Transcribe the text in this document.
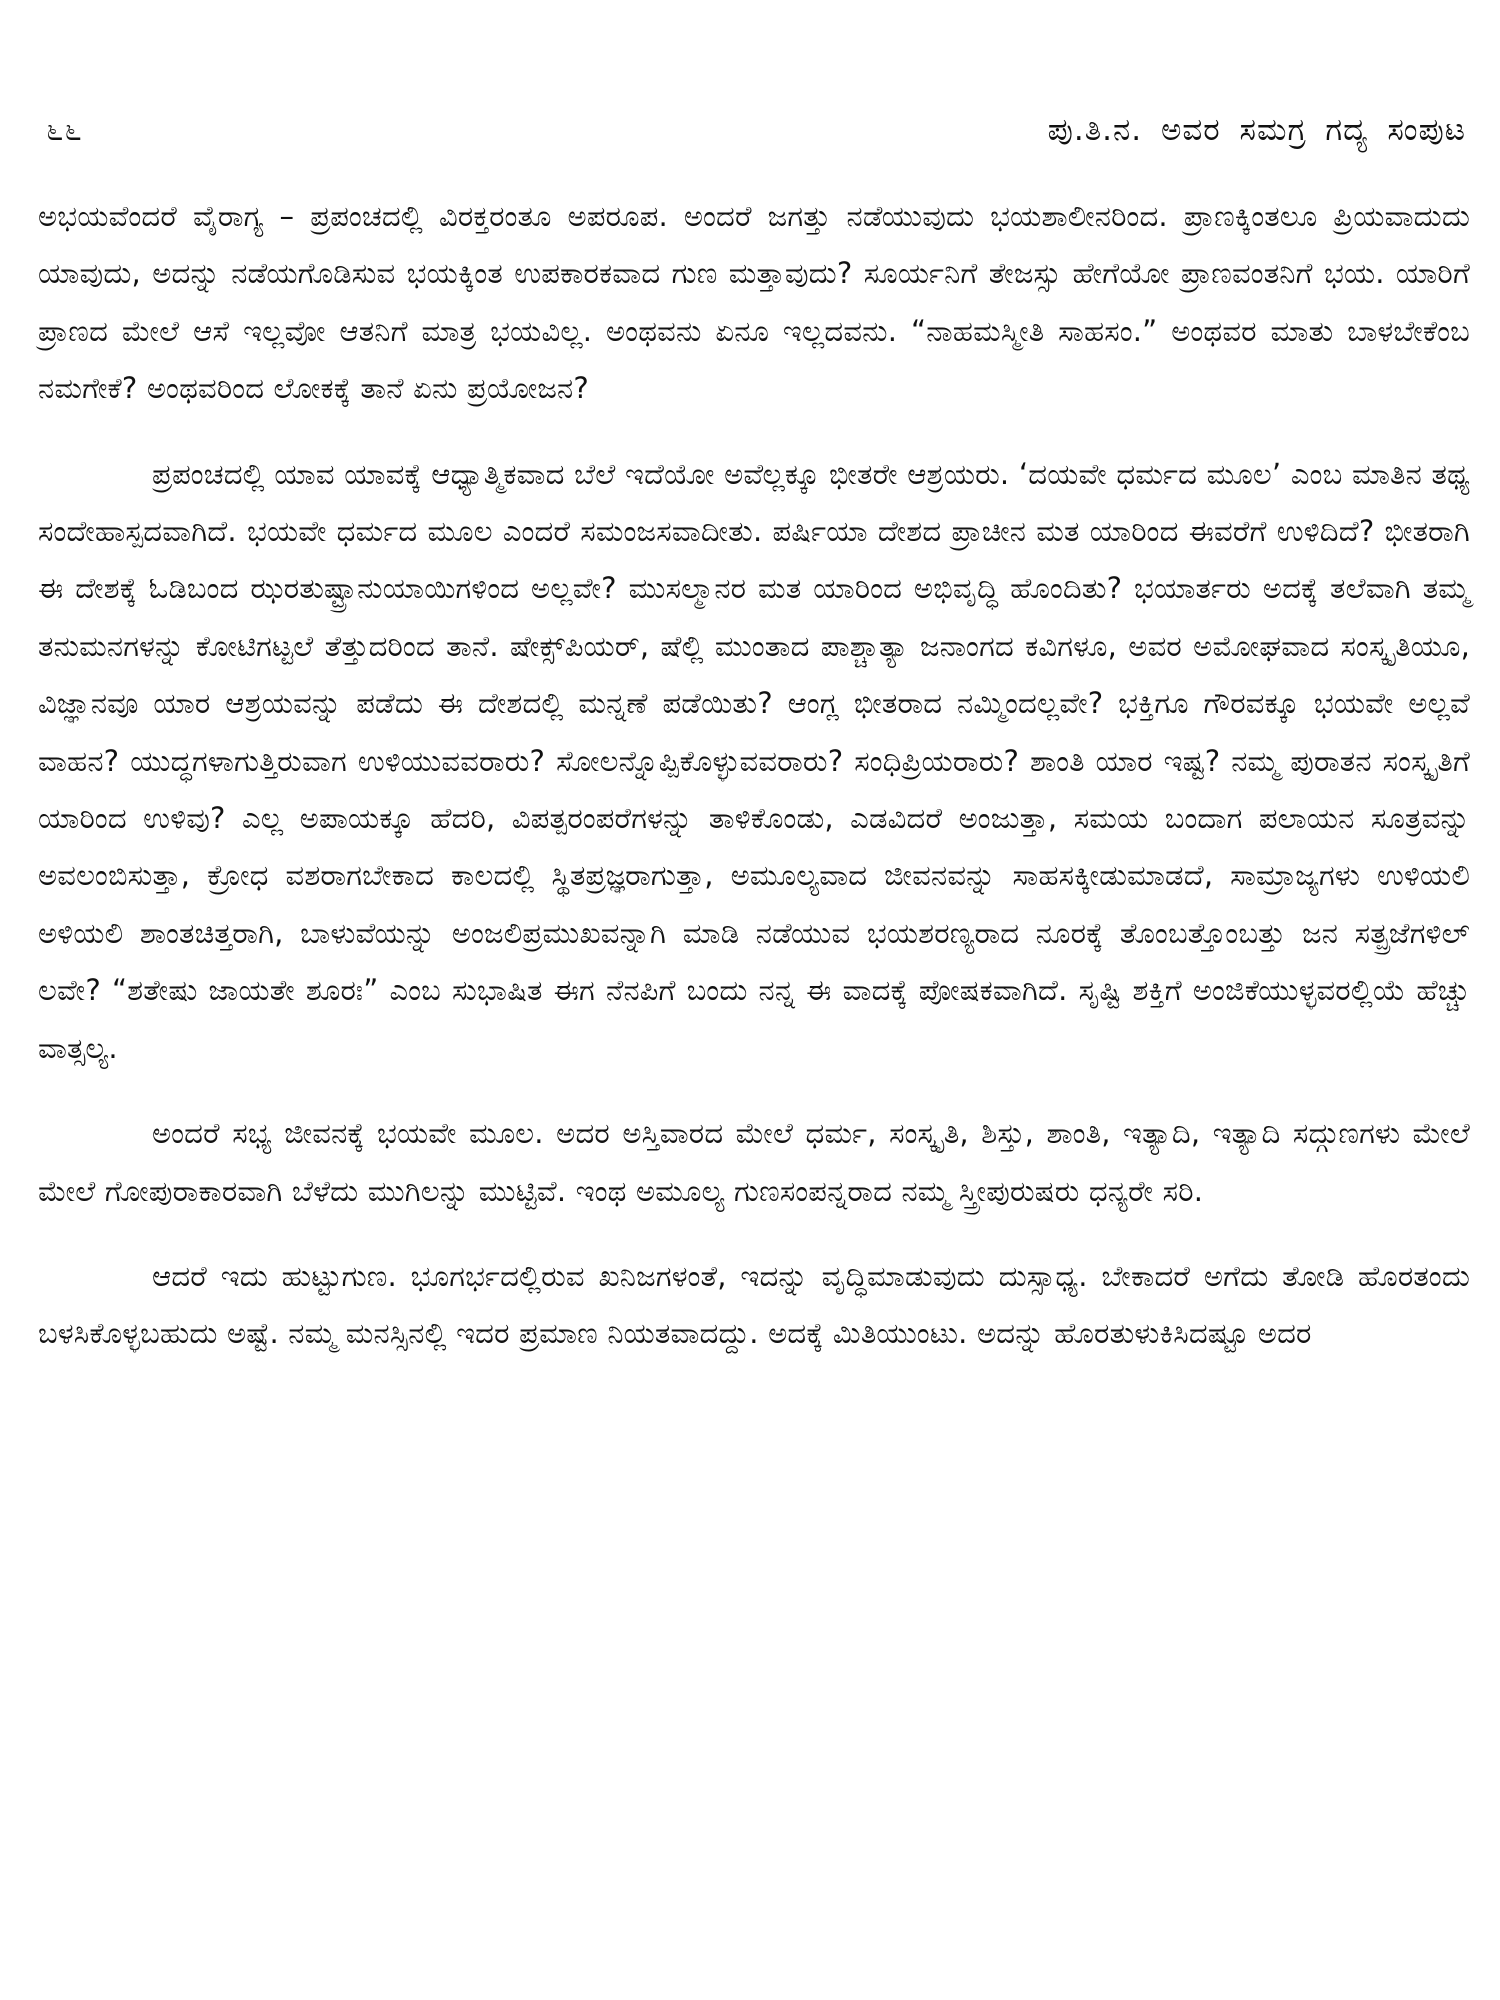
೬೬	ಪು.ತಿ.ನ. ಅವರ ಸಮಗ್ರ ಗದ್ಯ ಸಂಪುಟ

ಅಭಯವೆಂದರೆ ವೈರಾಗ್ಯ – ಪ್ರಪಂಚದಲ್ಲಿ ವಿರಕ್ತರಂತೂ ಅಪರೂಪ. ಅಂದರೆ ಜಗತ್ತು ನಡೆಯುವುದು ಭಯಶಾಲೀನರಿಂದ. ಪ್ರಾಣಕ್ಕಿಂತಲೂ ಪ್ರಿಯವಾದುದು ಯಾವುದು, ಅದನ್ನು ನಡೆಯಗೊಡಿಸುವ ಭಯಕ್ಕಿಂತ ಉಪಕಾರಕವಾದ ಗುಣ ಮತ್ತಾವುದು? ಸೂರ್ಯನಿಗೆ ತೇಜಸ್ಸು ಹೇಗೆಯೋ ಪ್ರಾಣವಂತನಿಗೆ ಭಯ. ಯಾರಿಗೆ ಪ್ರಾಣದ ಮೇಲೆ ಆಸೆ ಇಲ್ಲವೋ ಆತನಿಗೆ ಮಾತ್ರ ಭಯವಿಲ್ಲ. ಅಂಥವನು ಏನೂ ಇಲ್ಲದವನು. “ನಾಹಮಸ್ಮೀತಿ ಸಾಹಸಂ.” ಅಂಥವರ ಮಾತು ಬಾಳಬೇಕೆಂಬ ನಮಗೇಕೆ? ಅಂಥವರಿಂದ ಲೋಕಕ್ಕೆ ತಾನೆ ಏನು ಪ್ರಯೋಜನ?

ಪ್ರಪಂಚದಲ್ಲಿ ಯಾವ ಯಾವಕ್ಕೆ ಆಧ್ಯಾತ್ಮಿಕವಾದ ಬೆಲೆ ಇದೆಯೋ ಅವೆಲ್ಲಕ್ಕೂ ಭೀತರೇ ಆಶ್ರಯರು. ‘ದಯವೇ ಧರ್ಮದ ಮೂಲ’ ಎಂಬ ಮಾತಿನ ತಥ್ಯ ಸಂದೇಹಾಸ್ಪದವಾಗಿದೆ. ಭಯವೇ ಧರ್ಮದ ಮೂಲ ಎಂದರೆ ಸಮಂಜಸವಾದೀತು. ಪರ್ಷಿಯಾ ದೇಶದ ಪ್ರಾಚೀನ ಮತ ಯಾರಿಂದ ಈವರೆಗೆ ಉಳಿದಿದೆ? ಭೀತರಾಗಿ ಈ ದೇಶಕ್ಕೆ ಓಡಿಬಂದ ಝರತುಷ್ಟ್ರಾನುಯಾಯಿಗಳಿಂದ ಅಲ್ಲವೇ? ಮುಸಲ್ಮಾನರ ಮತ ಯಾರಿಂದ ಅಭಿವೃದ್ಧಿ ಹೊಂದಿತು? ಭಯಾರ್ತರು ಅದಕ್ಕೆ ತಲೆವಾಗಿ ತಮ್ಮ ತನುಮನಗಳನ್ನು ಕೋಟಿಗಟ್ಟಲೆ ತೆತ್ತುದರಿಂದ ತಾನೆ. ಷೇಕ್ಸ್‌ಪಿಯರ್, ಷೆಲ್ಲಿ ಮುಂತಾದ ಪಾಶ್ಚಾತ್ಯಾ ಜನಾಂಗದ ಕವಿಗಳೂ, ಅವರ ಅಮೋಘವಾದ ಸಂಸ್ಕೃತಿಯೂ, ವಿಜ್ಞಾನವೂ ಯಾರ ಆಶ್ರಯವನ್ನು ಪಡೆದು ಈ ದೇಶದಲ್ಲಿ ಮನ್ನಣೆ ಪಡೆಯಿತು? ಆಂಗ್ಲ ಭೀತರಾದ ನಮ್ಮಿಂದಲ್ಲವೇ? ಭಕ್ತಿಗೂ ಗೌರವಕ್ಕೂ ಭಯವೇ ಅಲ್ಲವೆ ವಾಹನ? ಯುದ್ಧಗಳಾಗುತ್ತಿರುವಾಗ ಉಳಿಯುವವರಾರು? ಸೋಲನ್ನೊಪ್ಪಿಕೊಳ್ಳುವವರಾರು? ಸಂಧಿಪ್ರಿಯರಾರು? ಶಾಂತಿ ಯಾರ ಇಷ್ಟ? ನಮ್ಮ ಪುರಾತನ ಸಂಸ್ಕೃತಿಗೆ ಯಾರಿಂದ ಉಳಿವು? ಎಲ್ಲ ಅಪಾಯಕ್ಕೂ ಹೆದರಿ, ವಿಪತ್ಪರಂಪರೆಗಳನ್ನು ತಾಳಿಕೊಂಡು, ಎಡವಿದರೆ ಅಂಜುತ್ತಾ, ಸಮಯ ಬಂದಾಗ ಪಲಾಯನ ಸೂತ್ರವನ್ನು ಅವಲಂಬಿಸುತ್ತಾ, ಕ್ರೋಧ ವಶರಾಗಬೇಕಾದ ಕಾಲದಲ್ಲಿ ಸ್ಥಿತಪ್ರಜ್ಞರಾಗುತ್ತಾ, ಅಮೂಲ್ಯವಾದ ಜೀವನವನ್ನು ಸಾಹಸಕ್ಕೀಡುಮಾಡದೆ, ಸಾಮ್ರಾಜ್ಯಗಳು ಉಳಿಯಲಿ ಅಳಿಯಲಿ ಶಾಂತಚಿತ್ತರಾಗಿ, ಬಾಳುವೆಯನ್ನು ಅಂಜಲಿಪ್ರಮುಖವನ್ನಾಗಿ ಮಾಡಿ ನಡೆಯುವ ಭಯಶರಣ್ಯರಾದ ನೂರಕ್ಕೆ ತೊಂಬತ್ತೊಂಬತ್ತು ಜನ ಸತ್ಪ್ರಜೆಗಳಿಲ್ ಲವೇ? “ಶತೇಷು ಜಾಯತೇ ಶೂರಃ” ಎಂಬ ಸುಭಾಷಿತ ಈಗ ನೆನಪಿಗೆ ಬಂದು ನನ್ನ ಈ ವಾದಕ್ಕೆ ಪೋಷಕವಾಗಿದೆ. ಸೃಷ್ಟಿ ಶಕ್ತಿಗೆ ಅಂಜಿಕೆಯುಳ್ಳವರಲ್ಲಿಯೆ ಹೆಚ್ಚು ವಾತ್ಸಲ್ಯ.

ಅಂದರೆ ಸಭ್ಯ ಜೀವನಕ್ಕೆ ಭಯವೇ ಮೂಲ. ಅದರ ಅಸ್ತಿವಾರದ ಮೇಲೆ ಧರ್ಮ, ಸಂಸ್ಕೃತಿ, ಶಿಸ್ತು, ಶಾಂತಿ, ಇತ್ಯಾದಿ, ಇತ್ಯಾದಿ ಸದ್ಗುಣಗಳು ಮೇಲೆ ಮೇಲೆ ಗೋಪುರಾಕಾರವಾಗಿ ಬೆಳೆದು ಮುಗಿಲನ್ನು ಮುಟ್ಟಿವೆ. ಇಂಥ ಅಮೂಲ್ಯ ಗುಣಸಂಪನ್ನರಾದ ನಮ್ಮ ಸ್ತ್ರೀಪುರುಷರು ಧನ್ಯರೇ ಸರಿ.

ಆದರೆ ಇದು ಹುಟ್ಟುಗುಣ. ಭೂಗರ್ಭದಲ್ಲಿರುವ ಖನಿಜಗಳಂತೆ, ಇದನ್ನು ವೃದ್ಧಿಮಾಡುವುದು ದುಸ್ಸಾಧ್ಯ. ಬೇಕಾದರೆ ಅಗೆದು ತೋಡಿ ಹೊರತಂದು ಬಳಸಿಕೊಳ್ಳಬಹುದು ಅಷ್ಟೆ. ನಮ್ಮ ಮನಸ್ಸಿನಲ್ಲಿ ಇದರ ಪ್ರಮಾಣ ನಿಯತವಾದದ್ದು. ಅದಕ್ಕೆ ಮಿತಿಯುಂಟು. ಅದನ್ನು ಹೊರತುಳುಕಿಸಿದಷ್ಟೂ ಅದರ
